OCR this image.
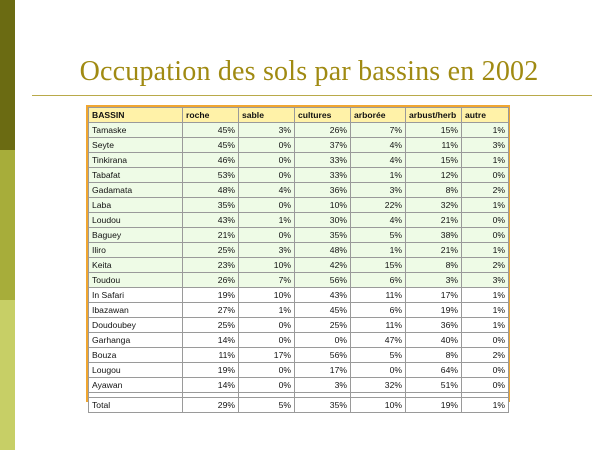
Occupation des sols par bassins en 2002
BASSIN	roche	sable	cultures	arborée	arbust/herb	autre
Tamaske	45%	3%	26%	7%	15%	1%
Seyte	45%	0%	37%	4%	11%	3%
Tinkirana	46%	0%	33%	4%	15%	1%
Tabafat	53%	0%	33%	1%	12%	0%
Gadamata	48%	4%	36%	3%	8%	2%
Laba	35%	0%	10%	22%	32%	1%
Loudou	43%	1%	30%	4%	21%	0%
Baguey	21%	0%	35%	5%	38%	0%
Iliro	25%	3%	48%	1%	21%	1%
Keita	23%	10%	42%	15%	8%	2%
Toudou	26%	7%	56%	6%	3%	3%
In Safari	19%	10%	43%	11%	17%	1%
Ibazawan	27%	1%	45%	6%	19%	1%
Doudoubey	25%	0%	25%	11%	36%	1%
Garhanga	14%	0%	0%	47%	40%	0%
Bouza	11%	17%	56%	5%	8%	2%
Lougou	19%	0%	17%	0%	64%	0%
Ayawan	14%	0%	3%	32%	51%	0%

Total	29%	5%	35%	10%	19%	1%
